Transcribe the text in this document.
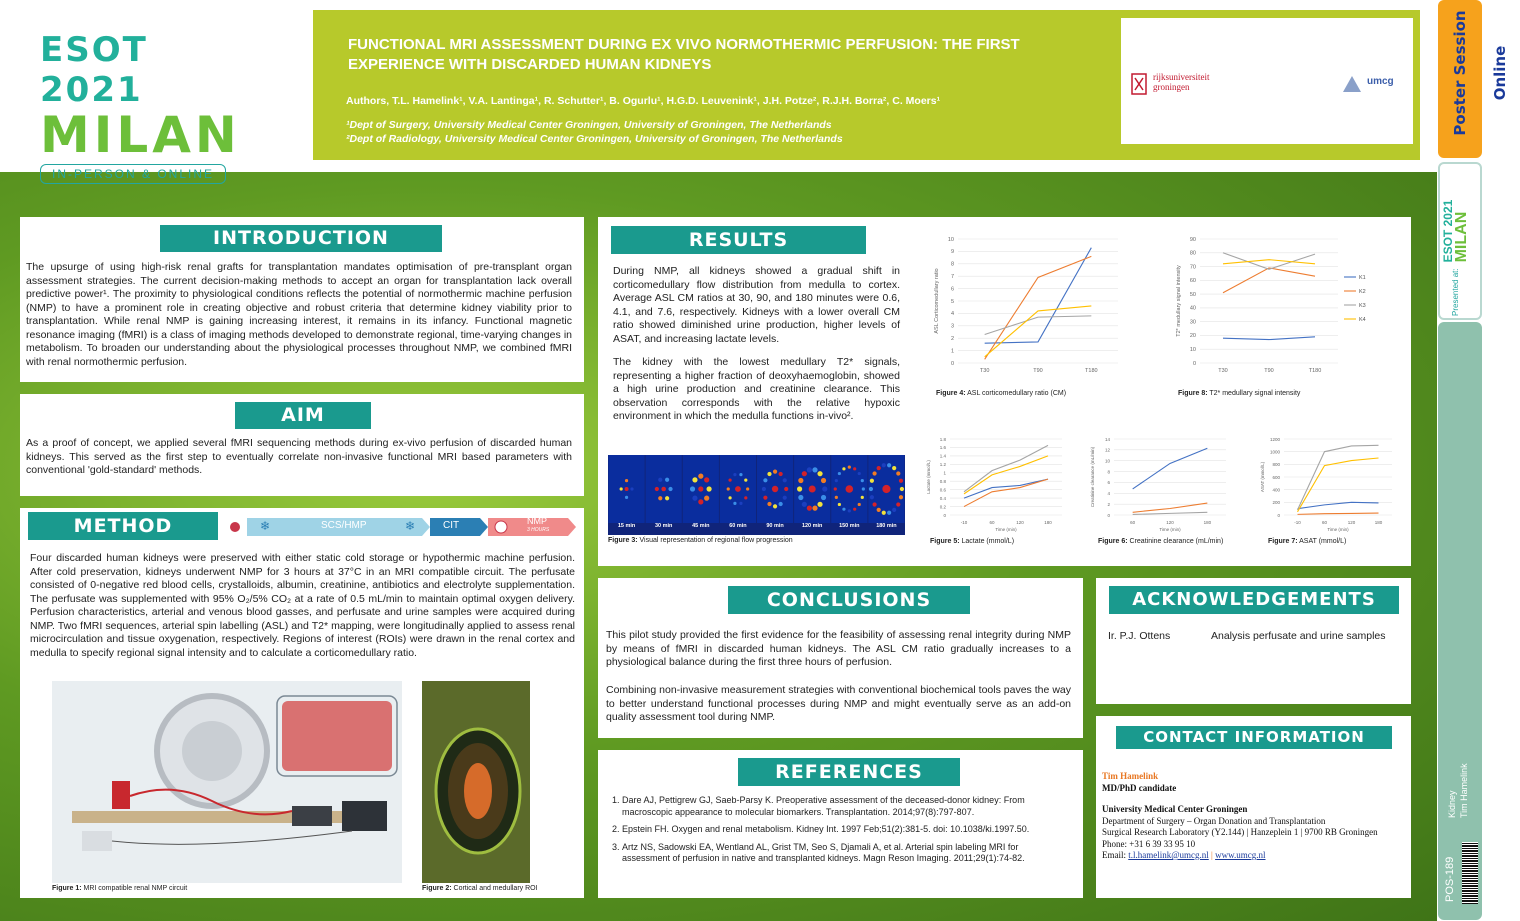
ESOT 2021
MILAN
IN-PERSON & ONLINE
FUNCTIONAL MRI ASSESSMENT DURING EX VIVO NORMOTHERMIC PERFUSION: THE FIRST EXPERIENCE WITH DISCARDED HUMAN KIDNEYS
Authors, T.L. Hamelink¹, V.A. Lantinga¹, R. Schutter¹, B. Ogurlu¹, H.G.D. Leuvenink¹, J.H. Potze², R.J.H. Borra², C. Moers¹
¹Dept of Surgery, University Medical Center Groningen, University of Groningen, The Netherlands
²Dept of Radiology, University Medical Center Groningen, University of Groningen, The Netherlands
rijksuniversiteit
groningen	umcg
INTRODUCTION
The upsurge of using high-risk renal grafts for transplantation mandates optimisation of pre-transplant organ assessment strategies. The current decision-making methods to accept an organ for transplantation lack overall predictive power¹. The proximity to physiological conditions reflects the potential of normothermic machine perfusion (NMP) to have a prominent role in creating objective and robust criteria that determine kidney viability prior to transplantation. While renal NMP is gaining increasing interest, it remains in its infancy. Functional magnetic resonance imaging (fMRI) is a class of imaging methods developed to demonstrate regional, time-varying changes in metabolism. To broaden our understanding about the physiological processes throughout NMP, we combined fMRI with renal normothermic perfusion.
AIM
As a proof of concept, we applied several fMRI sequencing methods during ex-vivo perfusion of discarded human kidneys. This served as the first step to eventually correlate non-invasive functional MRI based parameters with conventional 'gold-standard' methods.
METHOD	❄	SCS/HMP	❄	CIT	NMP
3 HOURS
Four discarded human kidneys were preserved with either static cold storage or hypothermic machine perfusion. After cold preservation, kidneys underwent NMP for 3 hours at 37°C in an MRI compatible circuit. The perfusate consisted of 0-negative red blood cells, crystalloids, albumin, creatinine, antibiotics and electrolyte supplementation. The perfusate was supplemented with 95% O₂/5% CO₂ at a rate of 0.5 mL/min to maintain optimal oxygen delivery. Perfusion characteristics, arterial and venous blood gasses, and perfusate and urine samples were acquired during NMP. Two fMRI sequences, arterial spin labelling (ASL) and T2* mapping, were longitudinally applied to assess renal microcirculation and tissue oxygenation, respectively. Regions of interest (ROIs) were drawn in the renal cortex and medulla to specify regional signal intensity and to calculate a corticomedullary ratio.
Figure 1: MRI compatible renal NMP circuit	Figure 2: Cortical and medullary ROI
RESULTS
During NMP, all kidneys showed a gradual shift in corticomedullary flow distribution from medulla to cortex. Average ASL CM ratios at 30, 90, and 180 minutes were 0.6, 4.1, and 7.6, respectively. Kidneys with a lower overall CM ratio showed diminished urine production, higher levels of ASAT, and increasing lactate levels.
The kidney with the lowest medullary T2* signals, representing a higher fraction of deoxyhaemoglobin, showed a high urine production and creatinine clearance. This observation corresponds with the relative hypoxic environment in which the medulla functions in-vivo².
15 min	30 min	45 min	60 min	90 min	120 min	150 min	180 min
Figure 3: Visual representation of regional flow progression
0
1
2
3
4
5
6
7
8
9
10
T30	T90	T180
ASL Corticomedullary ratio
Figure 4: ASL corticomedullary ratio (CM)
0
10
20
30
40
50
60
70
80
90
T30	T90	T180
T2* medullary signal intensity	K1
K2
K3
K4
Figure 8: T2* medullary signal intensity
0
0.2
0.4
0.6
0.8
1
1.2
1.4
1.6
1.8
-10	60	120	180
Time (min)
Lactate (mmol/L)
Figure 5: Lactate (mmol/L)
0
2
4
6
8
10
12
14
60	120	180
Time (min)
Creatinine clearance (mL/min)
Figure 6: Creatinine clearance (mL/min)
0
200
400
600
800
1000
1200
-10	60	120	180
Time (min)
ASAT (mmol/L)
Figure 7: ASAT (mmol/L)
CONCLUSIONS
This pilot study provided the first evidence for the feasibility of assessing renal integrity during NMP by means of fMRI in discarded human kidneys. The ASL CM ratio gradually increases to a physiological balance during the first three hours of perfusion.
Combining non-invasive measurement strategies with conventional biochemical tools paves the way to better understand functional processes during NMP and might eventually serve as an add-on quality assessment tool during NMP.
REFERENCES
1. Dare AJ, Pettigrew GJ, Saeb-Parsy K. Preoperative assessment of the deceased-donor kidney: From macroscopic appearance to molecular biomarkers. Transplantation. 2014;97(8):797-807.
2. Epstein FH. Oxygen and renal metabolism. Kidney Int. 1997 Feb;51(2):381-5. doi: 10.1038/ki.1997.50.
3. Artz NS, Sadowski EA, Wentland AL, Grist TM, Seo S, Djamali A, et al. Arterial spin labeling MRI for assessment of perfusion in native and transplanted kidneys. Magn Reson Imaging. 2011;29(1):74-82.
ACKNOWLEDGEMENTS
Ir. P.J. Ottens	Analysis perfusate and urine samples
CONTACT INFORMATION
Tim Hamelink
MD/PhD candidate
University Medical Center Groningen
Department of Surgery – Organ Donation and Transplantation
Surgical Research Laboratory (Y2.144) | Hanzeplein 1 | 9700 RB Groningen
Phone: +31 6 39 33 95 10
Email: t.l.hamelink@umcg.nl | www.umcg.nl
Poster Session Online
Presented at:
ESOT 2021
MILAN
Kidney Tim Hamelink
POS-189
